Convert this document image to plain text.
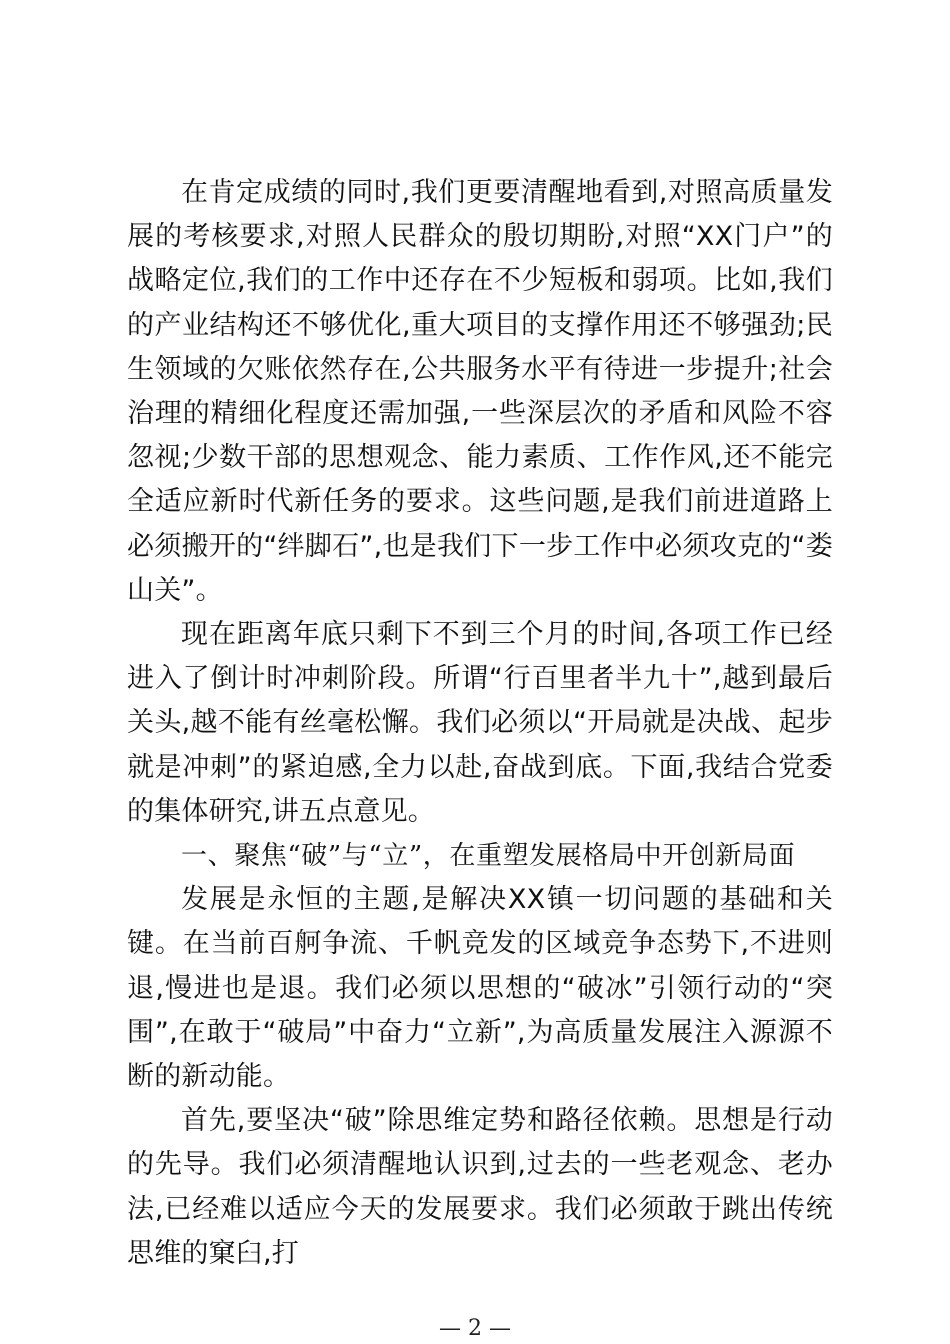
在肯定成绩的同时,我们更要清醒地看到,对照高质量发展的考核要求,对照人民群众的殷切期盼,对照“XX门户”的战略定位,我们的工作中还存在不少短板和弱项。比如,我们的产业结构还不够优化,重大项目的支撑作用还不够强劲;民生领域的欠账依然存在,公共服务水平有待进一步提升;社会治理的精细化程度还需加强,一些深层次的矛盾和风险不容忽视;少数干部的思想观念、能力素质、工作作风,还不能完全适应新时代新任务的要求。这些问题,是我们前进道路上必须搬开的“绊脚石”,也是我们下一步工作中必须攻克的“娄山关”。

现在距离年底只剩下不到三个月的时间,各项工作已经进入了倒计时冲刺阶段。所谓“行百里者半九十”,越到最后关头,越不能有丝毫松懈。我们必须以“开局就是决战、起步就是冲刺”的紧迫感,全力以赴,奋战到底。下面,我结合党委的集体研究,讲五点意见。

一、聚焦“破”与“立”，在重塑发展格局中开创新局面

发展是永恒的主题,是解决XX镇一切问题的基础和关键。在当前百舸争流、千帆竞发的区域竞争态势下,不进则退,慢进也是退。我们必须以思想的“破冰”引领行动的“突围”,在敢于“破局”中奋力“立新”,为高质量发展注入源源不断的新动能。

首先,要坚决“破”除思维定势和路径依赖。思想是行动的先导。我们必须清醒地认识到,过去的一些老观念、老办法,已经难以适应今天的发展要求。我们必须敢于跳出传统思维的窠臼,打

— 2 —
